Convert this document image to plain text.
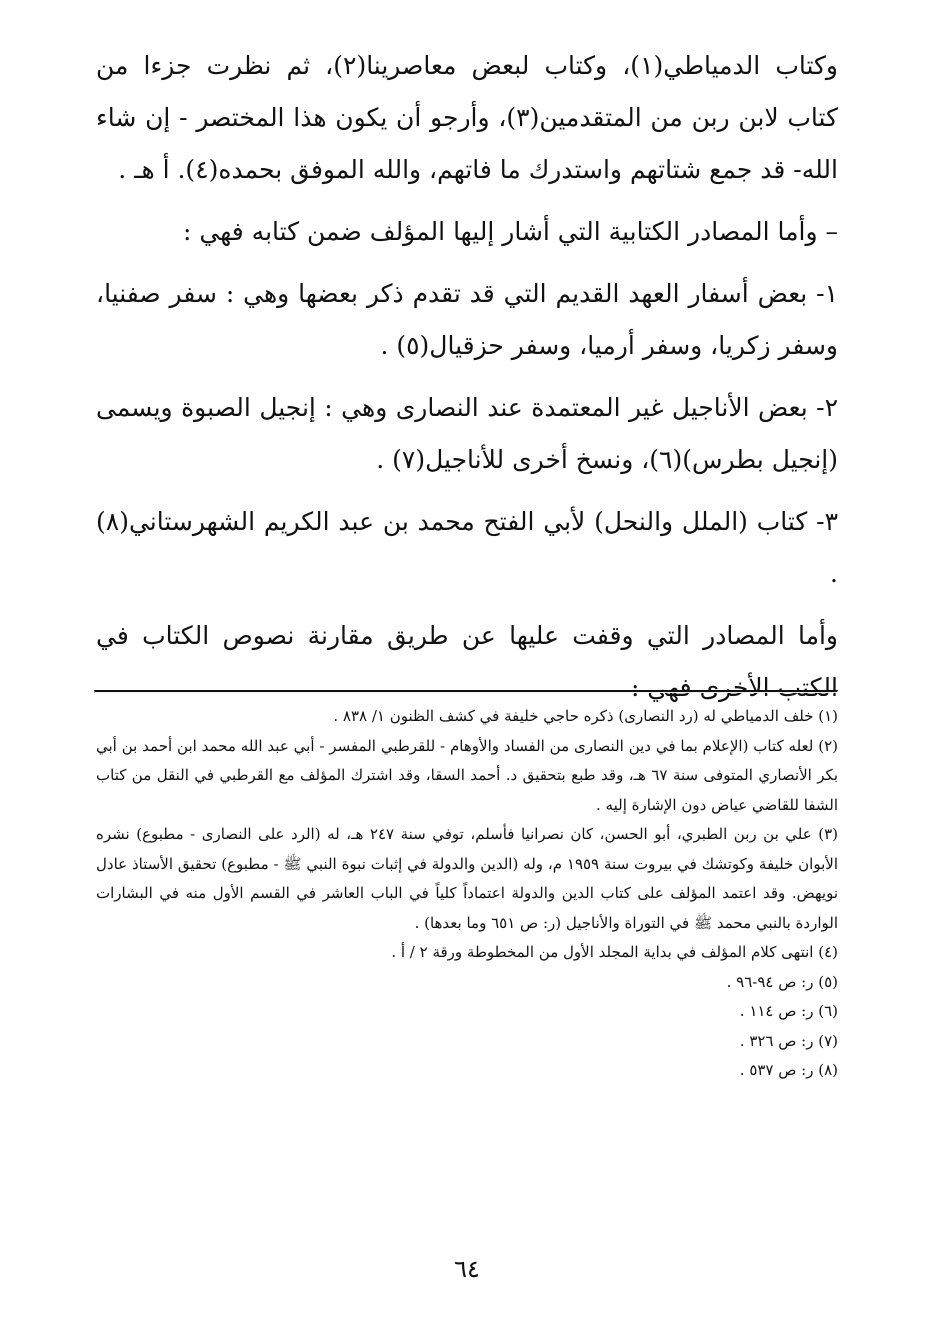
وكتاب الدمياطي(١)، وكتاب لبعض معاصرينا(٢)، ثم نظرت جزءا من كتاب لابن ربن من المتقدمين(٣)، وأرجو أن يكون هذا المختصر - إن شاء الله- قد جمع شتاتهم واستدرك ما فاتهم، والله الموفق بحمده(٤). أ هـ .

– وأما المصادر الكتابية التي أشار إليها المؤلف ضمن كتابه فهي :

١- بعض أسفار العهد القديم التي قد تقدم ذكر بعضها وهي : سفر صفنيا، وسفر زكريا، وسفر أرميا، وسفر حزقيال(٥) .

٢- بعض الأناجيل غير المعتمدة عند النصارى وهي : إنجيل الصبوة ويسمى (إنجيل بطرس)(٦)، ونسخ أخرى للأناجيل(٧) .

٣- كتاب (الملل والنحل) لأبي الفتح محمد بن عبد الكريم الشهرستاني(٨) .

وأما المصادر التي وقفت عليها عن طريق مقارنة نصوص الكتاب في الكتب الأخرى فهي :

(١) خلف الدمياطي له (رد النصارى) ذكره حاجي خليفة في كشف الظنون ١/ ٨٣٨ .

(٢) لعله كتاب (الإعلام بما في دين النصارى من الفساد والأوهام - للقرطبي المفسر - أبي عبد الله محمد ابن أحمد بن أبي بكر الأنصاري المتوفى سنة ٦٧ هـ، وقد طبع بتحقيق د. أحمد السقا، وقد اشترك المؤلف مع القرطبي في النقل من كتاب الشفا للقاضي عياض دون الإشارة إليه .

(٣) علي بن ربن الطبري، أبو الحسن، كان نصرانيا فأسلم، توفي سنة ٢٤٧ هـ، له (الرد على النصارى - مطبوع) نشره الأبوان خليفة وكوتشك في بيروت سنة ١٩٥٩ م، وله (الدين والدولة في إثبات نبوة النبي ﷺ - مطبوع) تحقيق الأستاذ عادل نويهض. وقد اعتمد المؤلف على كتاب الدين والدولة اعتماداً كلياً في الباب العاشر في القسم الأول منه في البشارات الواردة بالنبي محمد ﷺ في التوراة والأناجيل (ر: ص ٦٥١ وما بعدها) .

(٤) انتهى كلام المؤلف في بداية المجلد الأول من المخطوطة ورقة ٢ / أ .

(٥) ر: ص ٩٤-٩٦ .

(٦) ر: ص ١١٤ .

(٧) ر: ص ٣٢٦ .

(٨) ر: ص ٥٣٧ .

٦٤
